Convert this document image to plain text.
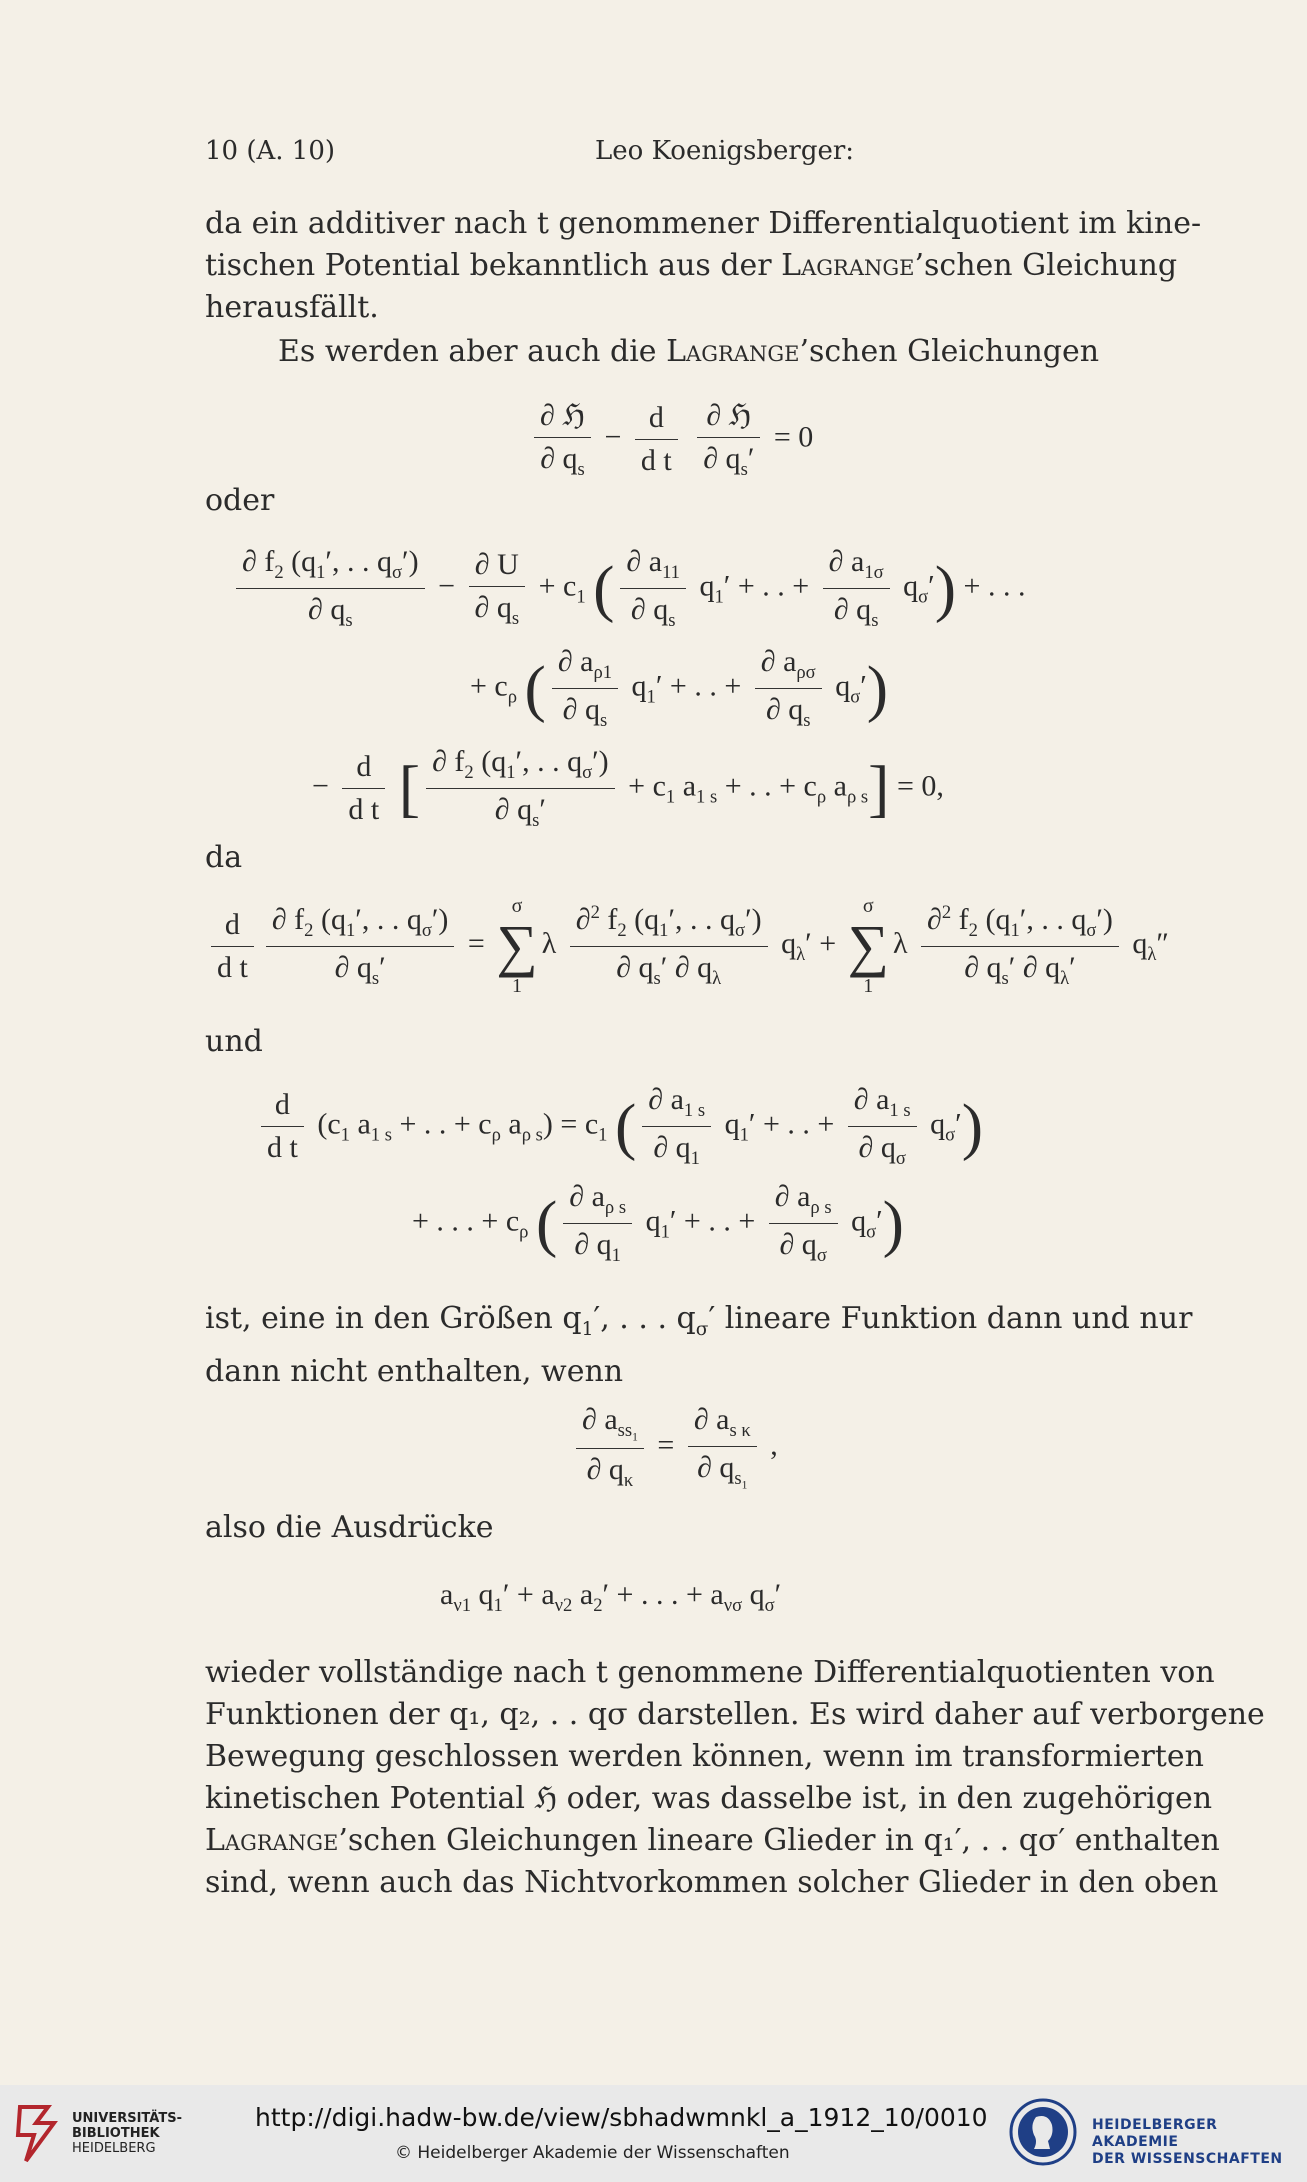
10 (A. 10)	Leo Koenigsberger:
da ein additiver nach t genommener Differentialquotient im kine-
tischen Potential bekanntlich aus der Lagrange’schen Gleichung
herausfällt.
Es werden aber auch die Lagrange’schen Gleichungen
$\frac{\text{∂ ℌ}}{\partial q_s} - \frac{d}{\text{d t}}$
$\frac{\text{∂ ℌ}}{\partial q_s'} = 0$
oder
$\frac{\partial f_2 (q_1', . . q_\sigma')}{\partial q_s} - \frac{\partial U}{\partial q_s} + c_1$ ( $\frac{\partial a_{11}}{\partial q_s} q_1'$ + . . + $\frac{\partial a_{1\sigma}}{\partial q_s} q_\sigma'$) + . . .
+ $c_\rho$ ( $\frac{\partial a_{\rho 1}}{\partial q_s} q_1'$ + . . + $\frac{\partial a_{\rho\sigma}}{\partial q_s} q_\sigma'$)
− $\frac{d}{\text{d t}}$ [ $\frac{\partial f_2 (q_1', . . q_\sigma')}{\partial q_s'} + c_1$ $a_{1 s}$ + . . + $c_\rho$ $a_{\rho s}] = 0$,
da
$\frac{d}{\text{d t}} \frac{\partial f_2 (q_1', . . q_\sigma')}{\partial q_s'} = \sigma$
∑
$1\lambda \frac{\partial^2 f_2 (q_1', . . q_\sigma')}{\partial q_s' \partial q_\lambda} q_\lambda' + \sigma$
∑
$1\lambda \frac{\partial^2 f_2 (q_1', . . q_\sigma')}{\partial q_s' \partial q_\lambda'} q_\lambda''$
und
$\frac{d}{\text{d t}} (c_1$ $a_{1 s}$ + . . + $c_\rho$ $a_{\rho s}) = c_1$ ( $\frac{\partial a_{1 s}}{\partial q_1} q_1'$ + . . + $\frac{\partial a_{1 s}}{\partial q_\sigma} q_\sigma'$)
+ . . . + $c_\rho$ ( $\frac{\partial a_{\rho s}}{\partial q_1} q_1'$ + . . + $\frac{\partial a_{\rho s}}{\partial q_\sigma} q_\sigma'$)
ist, eine in den Größen $q_1'$, . . . $q_\sigma'$ lineare Funktion dann und nur
dann nicht enthalten, wenn
$\frac{\partial a_{ss_1}}{\partial q_\kappa} = \frac{\partial a_{s \kappa}}{\partial q_{s_1}}$ ,
also die Ausdrücke
$a_{\nu 1}$ $q_1' + a_{\nu 2}$ $a_2'$ + . . . + $a_{\nu\sigma}$ $q_\sigma'$
wieder vollständige nach t genommene Differentialquotienten von
Funktionen der q₁, q₂, . . qσ darstellen. Es wird daher auf verborgene
Bewegung geschlossen werden können, wenn im transformierten
kinetischen Potential ℌ oder, was dasselbe ist, in den zugehörigen
Lagrange’schen Gleichungen lineare Glieder in q₁′, . . qσ′ enthalten
sind, wenn auch das Nichtvorkommen solcher Glieder in den oben
UNIVERSITÄTS-
BIBLIOTHEK
HEIDELBERG
http://digi.hadw-bw.de/view/sbhadwmnkl_a_1912_10/0010
© Heidelberger Akademie der Wissenschaften
HEIDELBERGER AKADEMIE
DER WISSENSCHAFTEN
